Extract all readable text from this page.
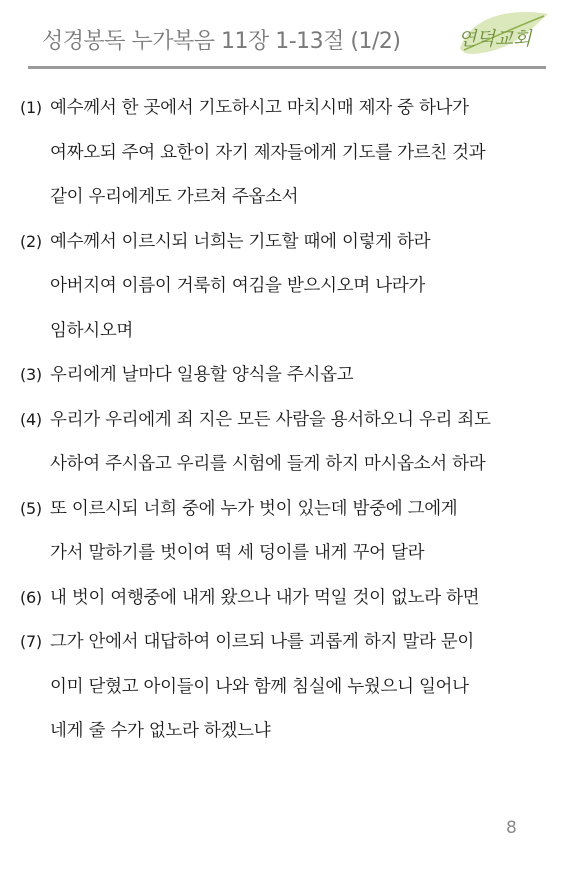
성경봉독 누가복음 11장 1-13절 (1/2)	연덕교회
(1) 예수께서 한 곳에서 기도하시고 마치시매 제자 중 하나가
여짜오되 주여 요한이 자기 제자들에게 기도를 가르친 것과
같이 우리에게도 가르쳐 주옵소서
(2) 예수께서 이르시되 너희는 기도할 때에 이렇게 하라
아버지여 이름이 거룩히 여김을 받으시오며 나라가
임하시오며
(3) 우리에게 날마다 일용할 양식을 주시옵고
(4) 우리가 우리에게 죄 지은 모든 사람을 용서하오니 우리 죄도
사하여 주시옵고 우리를 시험에 들게 하지 마시옵소서 하라
(5) 또 이르시되 너희 중에 누가 벗이 있는데 밤중에 그에게
가서 말하기를 벗이여 떡 세 덩이를 내게 꾸어 달라
(6) 내 벗이 여행중에 내게 왔으나 내가 먹일 것이 없노라 하면
(7) 그가 안에서 대답하여 이르되 나를 괴롭게 하지 말라 문이
이미 닫혔고 아이들이 나와 함께 침실에 누웠으니 일어나
네게 줄 수가 없노라 하겠느냐
8
